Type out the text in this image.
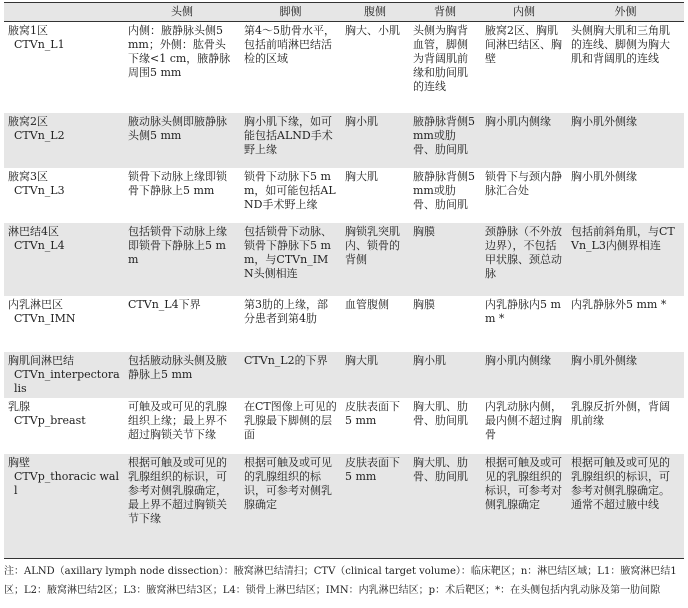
	头侧	脚侧	腹侧	背侧	内侧	外侧

腋窝1区
CTVn_L1	内侧：腋静脉头侧5 mm；外侧：肱骨头下缘<1 cm，腋静脉周围5 mm	第4～5肋骨水平，包括前哨淋巴结活检的区域	胸大、小肌	头侧为胸背血管，脚侧为背阔肌前缘和肋间肌的连线	腋窝2区、胸肌间淋巴结区、胸壁	头侧胸大肌和三角肌的连线、脚侧为胸大肌和背阔肌的连线

腋窝2区
CTVn_L2	腋动脉头侧即腋静脉头侧5 mm	胸小肌下缘，如可能包括ALND手术野上缘	胸小肌	腋静脉背侧5 mm或肋骨、肋间肌	胸小肌内侧缘	胸小肌外侧缘

腋窝3区
CTVn_L3	锁骨下动脉上缘即锁骨下静脉上5 mm	锁骨下动脉下5 mm，如可能包括ALND手术野上缘	胸大肌	腋静脉背侧5 mm或肋骨、肋间肌	锁骨下与颈内静脉汇合处	胸小肌外侧缘

淋巴结4区
CTVn_L4	包括锁骨下动脉上缘即锁骨下静脉上5 mm	包括锁骨下动脉、锁骨下静脉下5 mm，与CTVn_IMN头侧相连	胸锁乳突肌内、锁骨的背侧	胸膜	颈静脉（不外放边界），不包括甲状腺、颈总动脉	包括前斜角肌，与CTVn_L3内侧界相连

内乳淋巴区
CTVn_IMN	CTVn_L4下界	第3肋的上缘，部分患者到第4肋	血管腹侧	胸膜	内乳静脉内5 mm *	内乳静脉外5 mm *

胸肌间淋巴结
CTVn_interpectoralis	包括腋动脉头侧及腋静脉上5 mm	CTVn_L2的下界	胸大肌	胸小肌	胸小肌内侧缘	胸小肌外侧缘

乳腺
CTVp_breast	可触及或可见的乳腺组织上缘；最上界不超过胸锁关节下缘	在CT图像上可见的乳腺最下脚侧的层面	皮肤表面下5 mm	胸大肌、肋骨、肋间肌	内乳动脉内侧，最内侧不超过胸骨	乳腺反折外侧，背阔肌前缘

胸壁
CTVp_thoracic wall	根据可触及或可见的乳腺组织的标识，可参考对侧乳腺确定，最上界不超过胸锁关节下缘	根据可触及或可见的乳腺组织的标识，可参考对侧乳腺确定	皮肤表面下5 mm	胸大肌、肋骨、肋间肌	根据可触及或可见的乳腺组织的标识，可参考对侧乳腺确定	根据可触及或可见的乳腺组织的标识，可参考对侧乳腺确定。通常不超过腋中线
注：ALND（axillary lymph node dissection）：腋窝淋巴结清扫；CTV（clinical target volume）：临床靶区；n：淋巴结区域；L1：腋窝淋巴结1区；L2：腋窝淋巴结2区；L3：腋窝淋巴结3区；L4：锁骨上淋巴结区；IMN：内乳淋巴结区；p：术后靶区；*：在头侧包括内乳动脉及第一肋间隙
